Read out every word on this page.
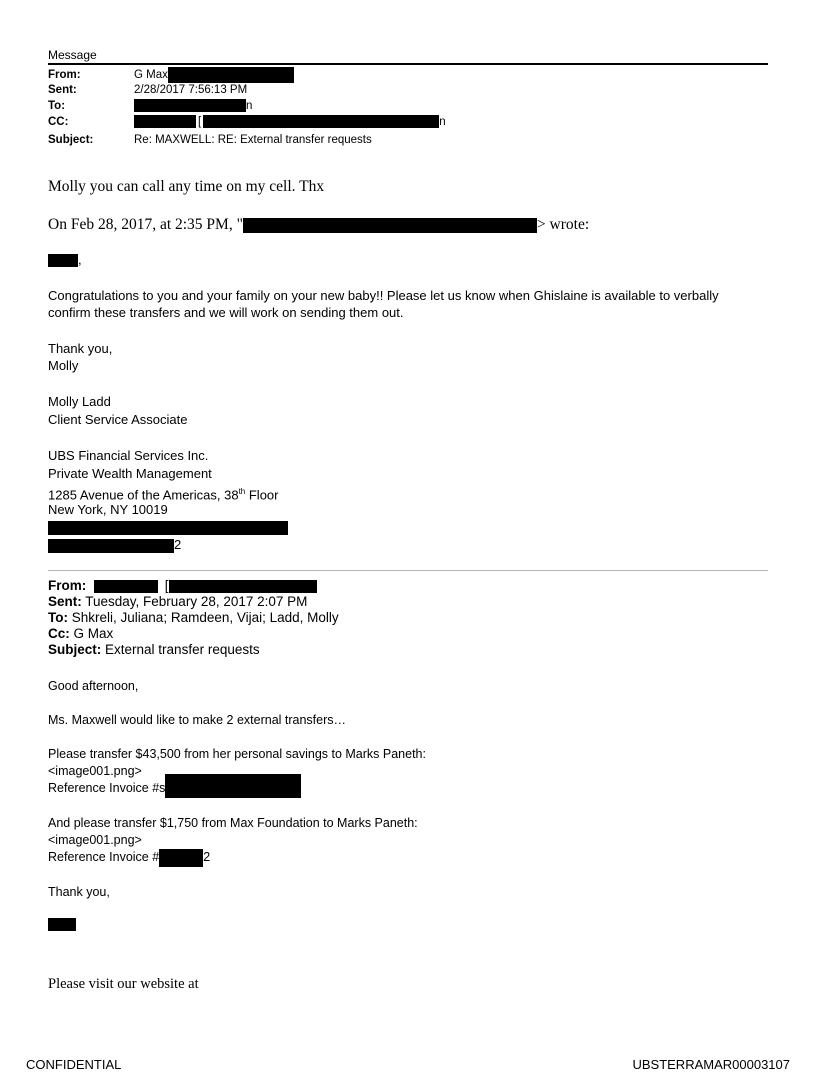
Message
From:	G Max
Sent:	2/28/2017 7:56:13 PM
To:	n
CC:	[	n
Subject:	Re: MAXWELL: RE: External transfer requests
Molly you can call any time on my cell. Thx
On Feb 28, 2017, at 2:35 PM, "	> wrote:
,
Congratulations to you and your family on your new baby!! Please let us know when Ghislaine is available to verbally
confirm these transfers and we will work on sending them out.
Thank you,
Molly
Molly Ladd
Client Service Associate
UBS Financial Services Inc.
Private Wealth Management
1285 Avenue of the Americas, 38th Floor
New York, NY 10019
2
From:	[
Sent: Tuesday, February 28, 2017 2:07 PM
To: Shkreli, Juliana; Ramdeen, Vijai; Ladd, Molly
Cc: G Max
Subject: External transfer requests
Good afternoon,
Ms. Maxwell would like to make 2 external transfers…
Please transfer $43,500 from her personal savings to Marks Paneth:
<image001.png>
Reference Invoice #s
And please transfer $1,750 from Max Foundation to Marks Paneth:
<image001.png>
Reference Invoice #	2
Thank you,
Please visit our website at
CONFIDENTIAL	UBSTERRAMAR00003107
